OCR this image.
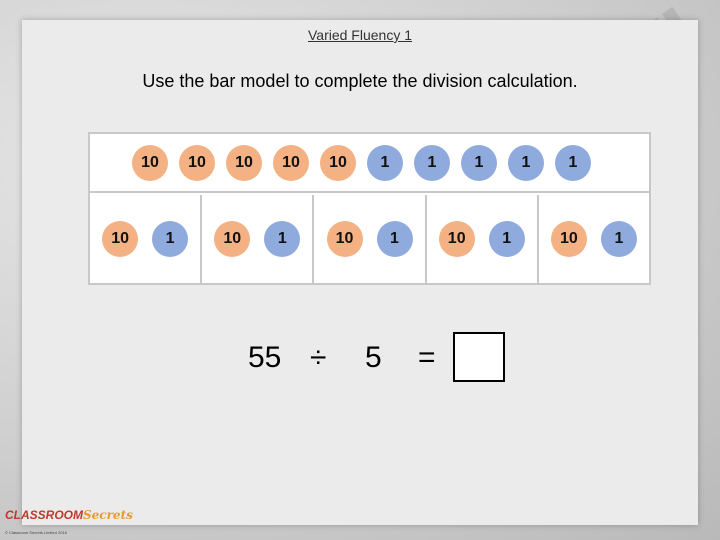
Varied Fluency 1
Use the bar model to complete the division calculation.
10	10	10	10	10	1	1	1	1	1
10	1	10	1	10	1	10	1	10	1
55 ÷ 5 =
CLASSROOMSecrets
© Classroom Secrets Limited 2018
